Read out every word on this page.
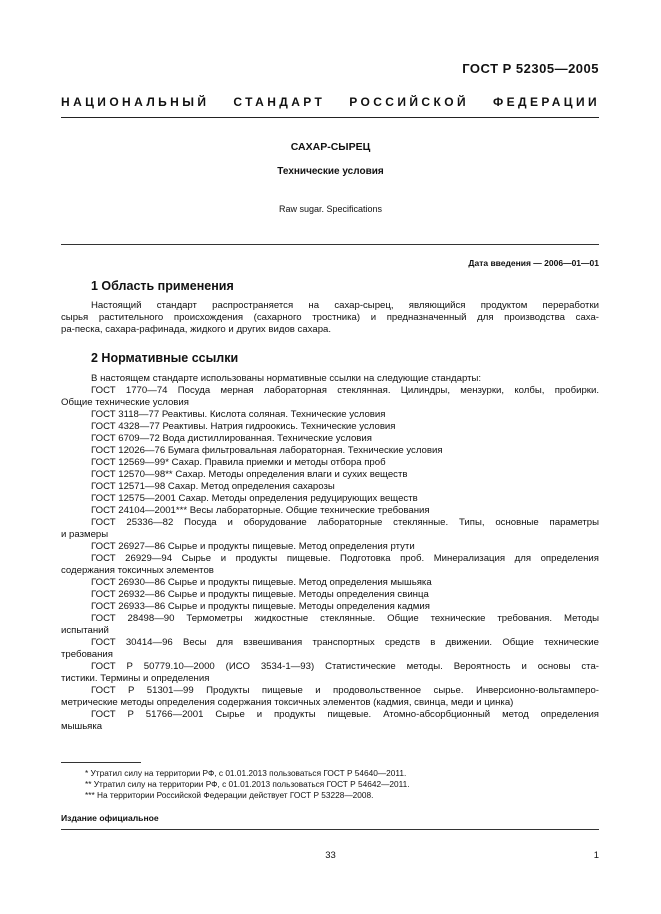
ГОСТ Р 52305—2005
НАЦИОНАЛЬНЫЙ СТАНДАРТ РОССИЙСКОЙ ФЕДЕРАЦИИ
САХАР-СЫРЕЦ
Технические условия
Raw sugar. Specifications
Дата введения — 2006—01—01
1 Область применения
Настоящий стандарт распространяется на сахар-сырец, являющийся продуктом переработки
сырья растительного происхождения (сахарного тростника) и предназначенный для производства саха-
ра-песка, сахара-рафинада, жидкого и других видов сахара.
2 Нормативные ссылки
В настоящем стандарте использованы нормативные ссылки на следующие стандарты:
ГОСТ 1770—74 Посуда мерная лабораторная стеклянная. Цилиндры, мензурки, колбы, пробирки.
Общие технические условия
ГОСТ 3118—77 Реактивы. Кислота соляная. Технические условия
ГОСТ 4328—77 Реактивы. Натрия гидроокись. Технические условия
ГОСТ 6709—72 Вода дистиллированная. Технические условия
ГОСТ 12026—76 Бумага фильтровальная лабораторная. Технические условия
ГОСТ 12569—99* Сахар. Правила приемки и методы отбора проб
ГОСТ 12570—98** Сахар. Методы определения влаги и сухих веществ
ГОСТ 12571—98 Сахар. Метод определения сахарозы
ГОСТ 12575—2001 Сахар. Методы определения редуцирующих веществ
ГОСТ 24104—2001*** Весы лабораторные. Общие технические требования
ГОСТ 25336—82 Посуда и оборудование лабораторные стеклянные. Типы, основные параметры
и размеры
ГОСТ 26927—86 Сырье и продукты пищевые. Метод определения ртути
ГОСТ 26929—94 Сырье и продукты пищевые. Подготовка проб. Минерализация для определения
содержания токсичных элементов
ГОСТ 26930—86 Сырье и продукты пищевые. Метод определения мышьяка
ГОСТ 26932—86 Сырье и продукты пищевые. Методы определения свинца
ГОСТ 26933—86 Сырье и продукты пищевые. Методы определения кадмия
ГОСТ 28498—90 Термометры жидкостные стеклянные. Общие технические требования. Методы
испытаний
ГОСТ 30414—96 Весы для взвешивания транспортных средств в движении. Общие технические
требования
ГОСТ Р 50779.10—2000 (ИСО 3534-1—93) Статистические методы. Вероятность и основы ста-
тистики. Термины и определения
ГОСТ Р 51301—99 Продукты пищевые и продовольственное сырье. Инверсионно-вольтамперо-
метрические методы определения содержания токсичных элементов (кадмия, свинца, меди и цинка)
ГОСТ Р 51766—2001 Сырье и продукты пищевые. Атомно-абсорбционный метод определения
мышьяка
* Утратил силу на территории РФ, с 01.01.2013 пользоваться ГОСТ Р 54640—2011.
** Утратил силу на территории РФ, с 01.01.2013 пользоваться ГОСТ Р 54642—2011.
*** На территории Российской Федерации действует ГОСТ Р 53228—2008.
Издание официальное
33	1
